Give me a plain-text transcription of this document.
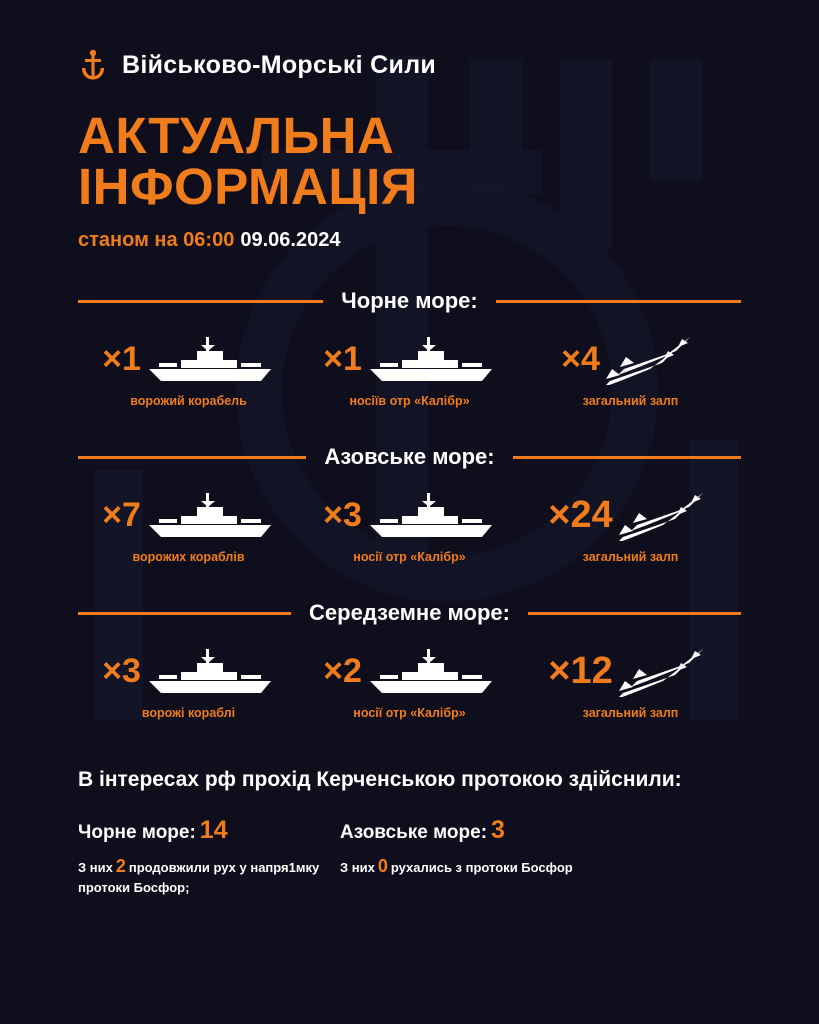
Військово-Морські Сили
АКТУАЛЬНА ІНФОРМАЦІЯ
станом на 06:00 09.06.2024
Чорне море:
×1
ворожий корабель
×1
носіїв отр «Калібр»
×4
загальний залп
Азовське море:
×7
ворожих кораблів
×3
носії отр «Калібр»
×24
загальний залп
Середземне море:
×3
ворожі кораблі
×2
носії отр «Калібр»
×12
загальний залп
В інтересах рф прохід Керченською протокою здійснили:
Чорне море: 14
З них 2 продовжили рух у напря1мку протоки Босфор;
Азовське море: 3
З них 0 рухались з протоки Босфор
